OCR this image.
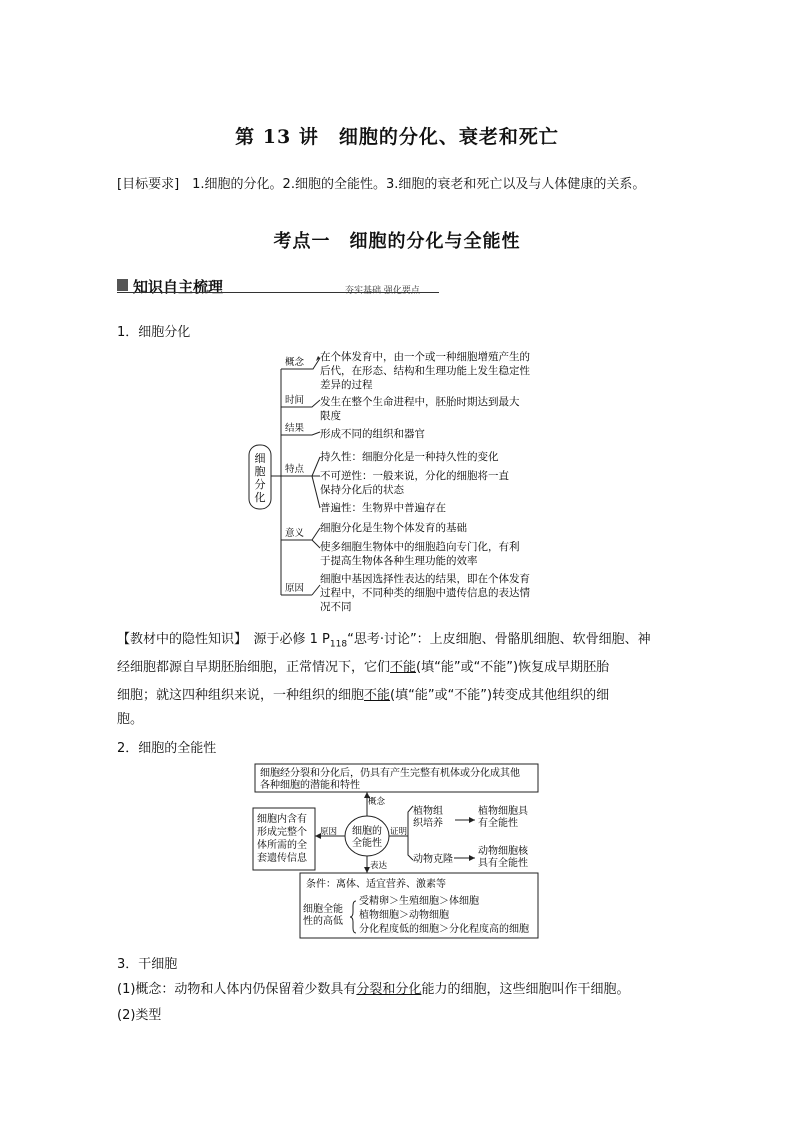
第 13 讲　细胞的分化、衰老和死亡
[目标要求]　1.细胞的分化。2.细胞的全能性。3.细胞的衰老和死亡以及与人体健康的关系。
考点一　细胞的分化与全能性
知识自主梳理	夯实基础 强化要点
1．细胞分化
细
胞
分
化
概念
时间
结果
特点
意义
原因
在个体发育中，由一个或一种细胞增殖产生的
后代，在形态、结构和生理功能上发生稳定性
差异的过程
发生在整个生命进程中，胚胎时期达到最大
限度
形成不同的组织和器官
持久性：细胞分化是一种持久性的变化
不可逆性：一般来说，分化的细胞将一直
保持分化后的状态
普遍性：生物界中普遍存在
细胞分化是生物个体发育的基础
使多细胞生物体中的细胞趋向专门化，有利
于提高生物体各种生理功能的效率
细胞中基因选择性表达的结果，即在个体发育
过程中，不同种类的细胞中遗传信息的表达情
况不同
【教材中的隐性知识】　源于必修 1 $P_{118}“$思考·讨论”：上皮细胞、骨骼肌细胞、软骨细胞、神
经细胞都源自早期胚胎细胞，正常情况下，它们不能(填“能”或“不能”)恢复成早期胚胎
细胞；就这四种组织来说，一种组织的细胞不能(填“能”或“不能”)转变成其他组织的细
胞。
2．细胞的全能性
细胞经分裂和分化后，仍具有产生完整有机体或分化成其他
各种细胞的潜能和特性
概念
细胞的
全能性
细胞内含有
形成完整个
体所需的全
套遗传信息
原因	证明
植物组
织培养
植物细胞具
有全能性
动物克隆
动物细胞核
具有全能性
表达
条件：离体、适宜营养、激素等
细胞全能
性的高低
受精卵＞生殖细胞＞体细胞
植物细胞＞动物细胞
分化程度低的细胞＞分化程度高的细胞
3．干细胞
(1)概念：动物和人体内仍保留着少数具有分裂和分化能力的细胞，这些细胞叫作干细胞。
(2)类型
